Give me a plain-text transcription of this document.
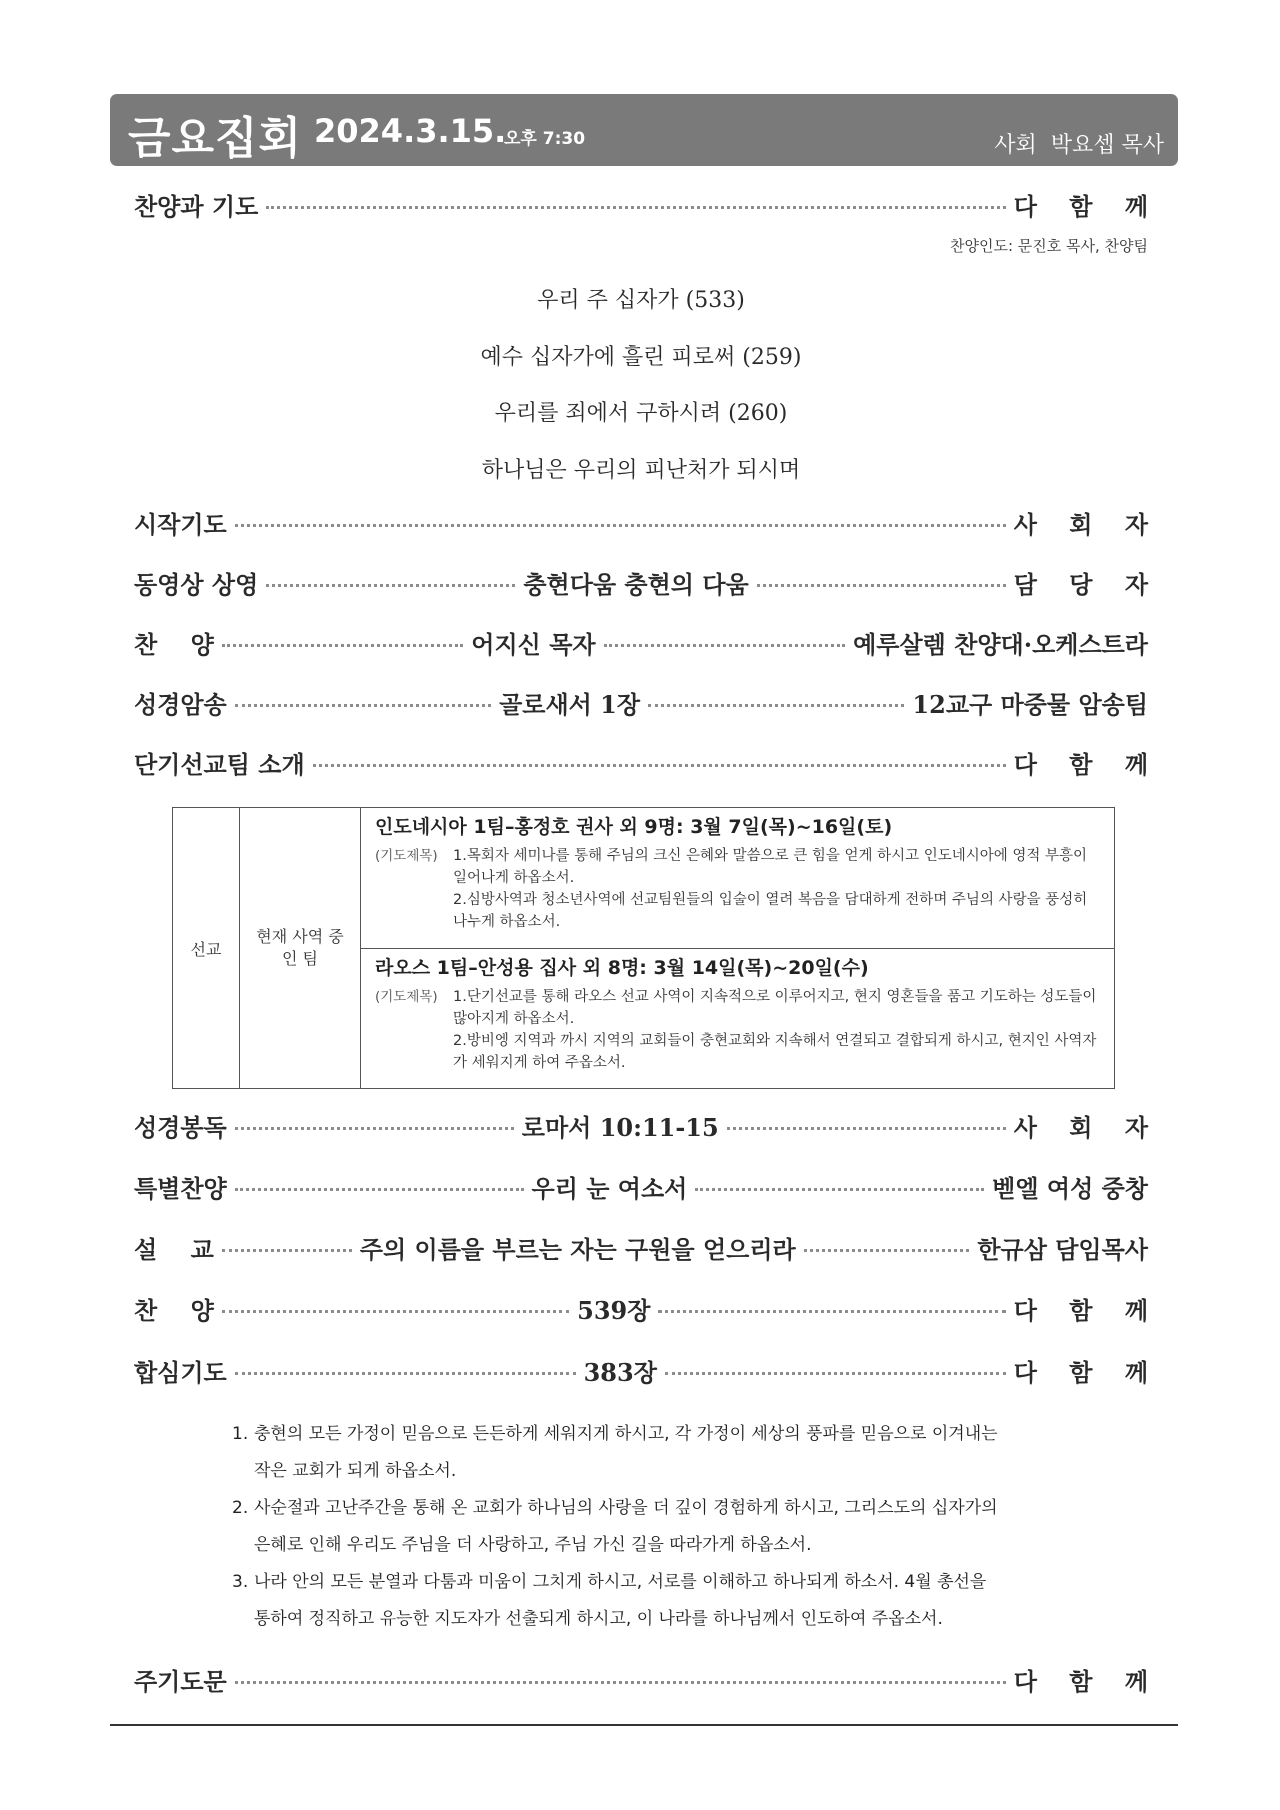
금요집회 2024.3.15.
오후 7:30	사회  박요셉 목사
찬양과 기도	다 함 께
찬양인도: 문진호 목사, 찬양팀
우리 주 십자가 (533)
예수 십자가에 흘린 피로써 (259)
우리를 죄에서 구하시려 (260)
하나님은 우리의 피난처가 되시며
시작기도	사 회 자
동영상 상영	충현다움 충현의 다움	담 당 자
찬    양	어지신 목자	예루살렘 찬양대·오케스트라
성경암송	골로새서 1장	12교구 마중물 암송팀
단기선교팀 소개	다 함 께
선교	현재 사역 중인 팀	
인도네시아 1팀–홍정호 권사 외 9명: 3월 7일(목)~16일(토)
(기도제목)	1.목회자 세미나를 통해 주님의 크신 은혜와 말씀으로 큰 힘을 얻게 하시고 인도네시아에 영적 부흥이 일어나게 하옵소서.
2.심방사역과 청소년사역에 선교팀원들의 입술이 열려 복음을 담대하게 전하며 주님의 사랑을 풍성히 나누게 하옵소서.

라오스 1팀–안성용 집사 외 8명: 3월 14일(목)~20일(수)
(기도제목)	1.단기선교를 통해 라오스 선교 사역이 지속적으로 이루어지고, 현지 영혼들을 품고 기도하는 성도들이 많아지게 하옵소서.
2.방비엥 지역과 까시 지역의 교회들이 충현교회와 지속해서 연결되고 결합되게 하시고, 현지인 사역자가 세워지게 하여 주옵소서.
성경봉독	로마서 10:11-15	사 회 자
특별찬양	우리 눈 여소서	벧엘 여성 중창
설    교	주의 이름을 부르는 자는 구원을 얻으리라	한규삼 담임목사
찬    양	539장	다 함 께
합심기도	383장	다 함 께
1. 충현의 모든 가정이 믿음으로 든든하게 세워지게 하시고, 각 가정이 세상의 풍파를 믿음으로 이겨내는
작은 교회가 되게 하옵소서.
2. 사순절과 고난주간을 통해 온 교회가 하나님의 사랑을 더 깊이 경험하게 하시고, 그리스도의 십자가의
은혜로 인해 우리도 주님을 더 사랑하고, 주님 가신 길을 따라가게 하옵소서.
3. 나라 안의 모든 분열과 다툼과 미움이 그치게 하시고, 서로를 이해하고 하나되게 하소서. 4월 총선을
통하여 정직하고 유능한 지도자가 선출되게 하시고, 이 나라를 하나님께서 인도하여 주옵소서.
주기도문	다 함 께
